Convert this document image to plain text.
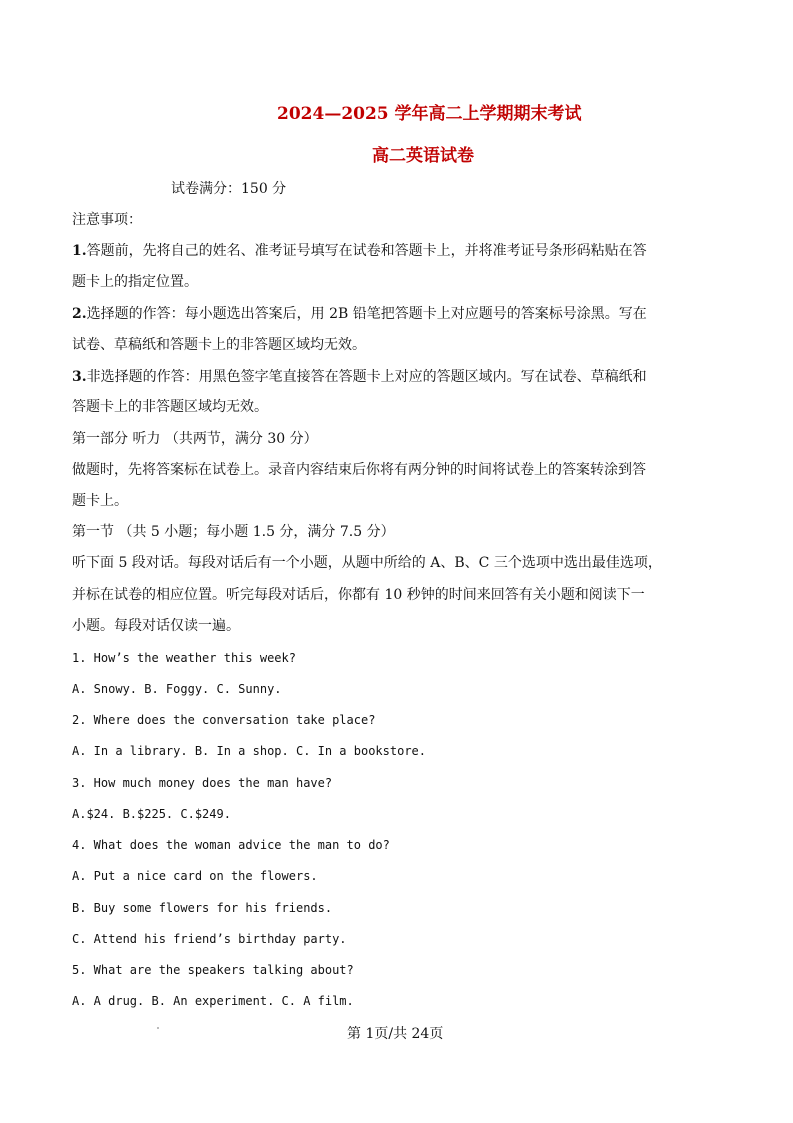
2024—2025 学年高二上学期期末考试
高二英语试卷
试卷满分：150 分
注意事项：
1.答题前，先将自己的姓名、准考证号填写在试卷和答题卡上，并将准考证号条形码粘贴在答
题卡上的指定位置。
2.选择题的作答：每小题选出答案后，用 2B 铅笔把答题卡上对应题号的答案标号涂黑。写在
试卷、草稿纸和答题卡上的非答题区域均无效。
3.非选择题的作答：用黑色签字笔直接答在答题卡上对应的答题区域内。写在试卷、草稿纸和
答题卡上的非答题区域均无效。
第一部分 听力 （共两节，满分 30 分）
做题时，先将答案标在试卷上。录音内容结束后你将有两分钟的时间将试卷上的答案转涂到答
题卡上。
第一节 （共 5 小题；每小题 1.5 分，满分 7.5 分）
听下面 5 段对话。每段对话后有一个小题，从题中所给的 A、B、C 三个选项中选出最佳选项，
并标在试卷的相应位置。听完每段对话后，你都有 10 秒钟的时间来回答有关小题和阅读下一
小题。每段对话仅读一遍。
1. How’s the weather this week?
A. Snowy. B. Foggy. C. Sunny.
2. Where does the conversation take place?
A. In a library. B. In a shop. C. In a bookstore.
3. How much money does the man have?
A.$24. B.$225. C.$249.
4. What does the woman advice the man to do?
A. Put a nice card on the flowers.
B. Buy some flowers for his friends.
C. Attend his friend’s birthday party.
5. What are the speakers talking about?
A. A drug. B. An experiment. C. A film.
第 1页/共 24页
